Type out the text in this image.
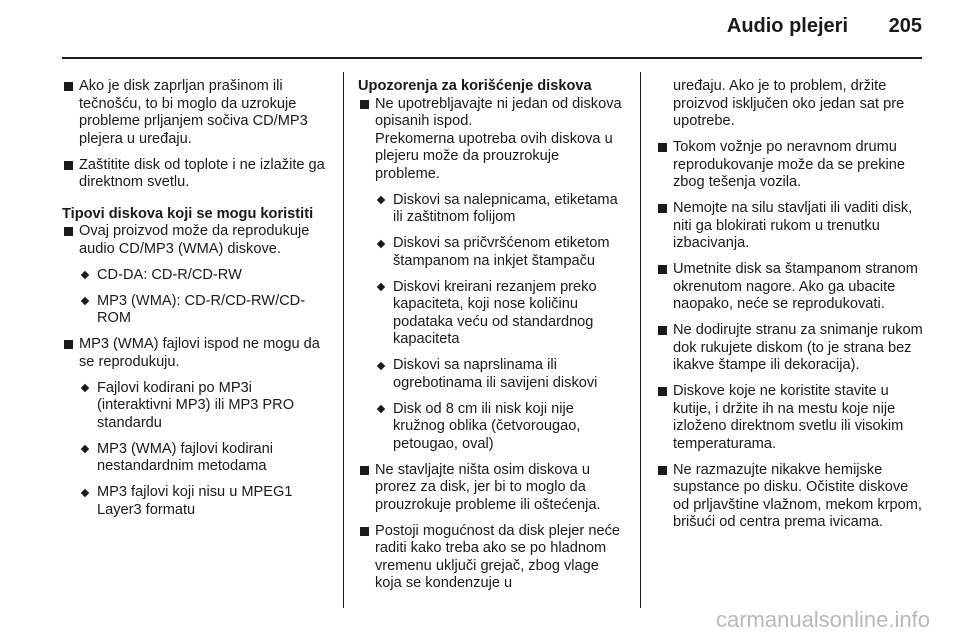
Audio plejeri	205

Ako je disk zaprljan prašinom ili tečnošću, to bi moglo da uzrokuje probleme prljanjem sočiva CD/MP3 plejera u uređaju.

Zaštitite disk od toplote i ne izlažite ga direktnom svetlu.

Tipovi diskova koji se mogu koristiti

Ovaj proizvod može da reprodukuje audio CD/MP3 (WMA) diskove.

CD-DA: CD-R/CD-RW

MP3 (WMA): CD-R/CD-RW/CD-ROM

MP3 (WMA) fajlovi ispod ne mogu da se reprodukuju.

Fajlovi kodirani po MP3i (interaktivni MP3) ili MP3 PRO standardu

MP3 (WMA) fajlovi kodirani nestandardnim metodama

MP3 fajlovi koji nisu u MPEG1 Layer3 formatu

Upozorenja za korišćenje diskova

Ne upotrebljavajte ni jedan od diskova opisanih ispod.

Prekomerna upotreba ovih diskova u plejeru može da prouzrokuje probleme.

Diskovi sa nalepnicama, etiketama ili zaštitnom folijom

Diskovi sa pričvršćenom etiketom štampanom na inkjet štampaču

Diskovi kreirani rezanjem preko kapaciteta, koji nose količinu podataka veću od standardnog kapaciteta

Diskovi sa naprslinama ili ogrebotinama ili savijeni diskovi

Disk od 8 cm ili nisk koji nije kružnog oblika (četvorougao, petougao, oval)

Ne stavljajte ništa osim diskova u prorez za disk, jer bi to moglo da prouzrokuje probleme ili oštećenja.

Postoji mogućnost da disk plejer neće raditi kako treba ako se po hladnom vremenu uključi grejač, zbog vlage koja se kondenzuje u

uređaju. Ako je to problem, držite proizvod isključen oko jedan sat pre upotrebe.

Tokom vožnje po neravnom drumu reprodukovanje može da se prekine zbog tešenja vozila.

Nemojte na silu stavljati ili vaditi disk, niti ga blokirati rukom u trenutku izbacivanja.

Umetnite disk sa štampanom stranom okrenutom nagore. Ako ga ubacite naopako, neće se reprodukovati.

Ne dodirujte stranu za snimanje rukom dok rukujete diskom (to je strana bez ikakve štampe ili dekoracija).

Diskove koje ne koristite stavite u kutije, i držite ih na mestu koje nije izloženo direktnom svetlu ili visokim temperaturama.

Ne razmazujte nikakve hemijske supstance po disku. Očistite diskove od prljavštine vlažnom, mekom krpom, brišući od centra prema ivicama.

carmanualsonline.info
